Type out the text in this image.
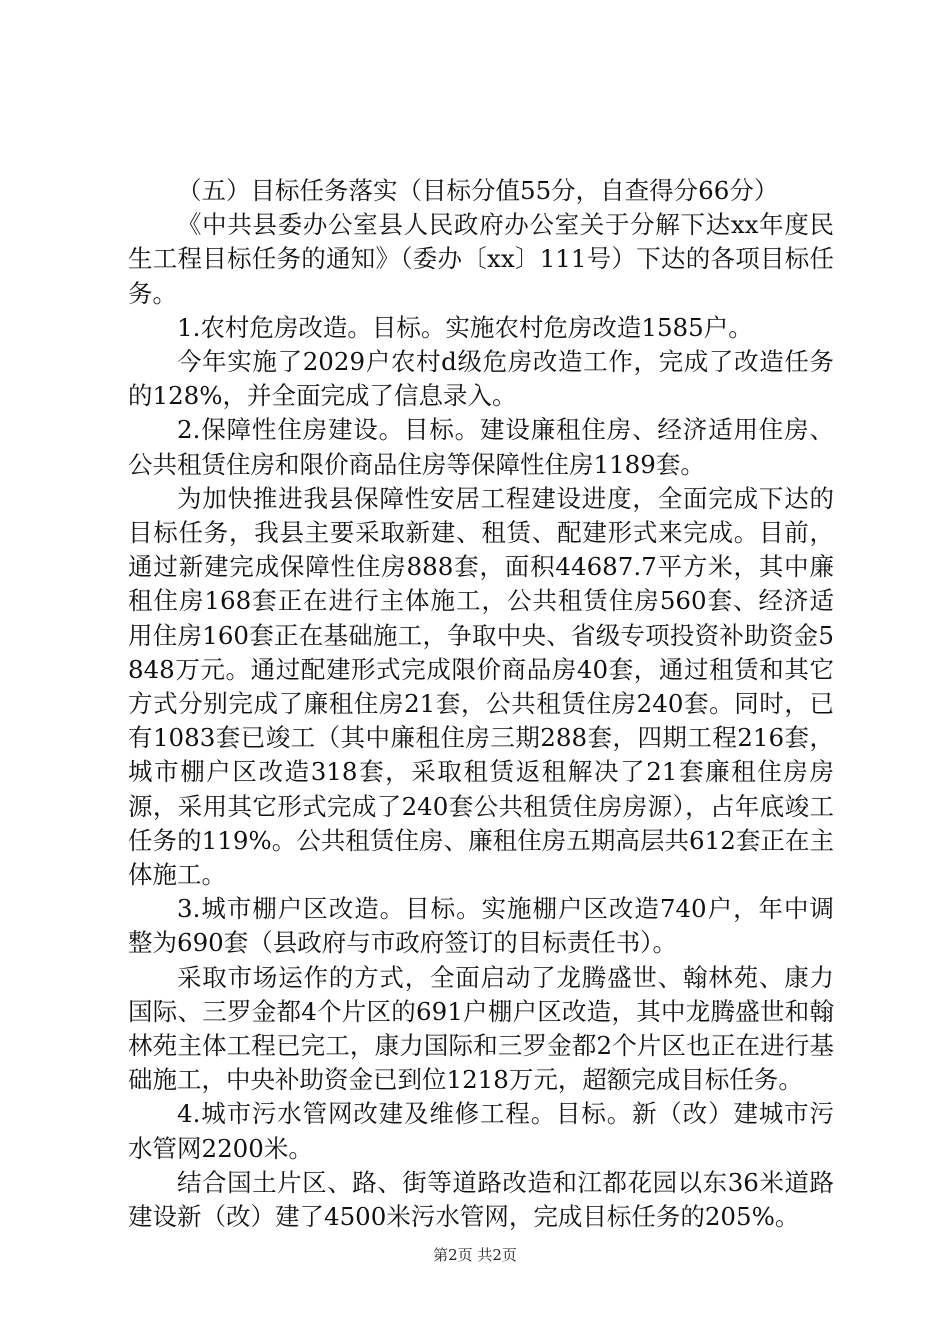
（五）目标任务落实（目标分值55分，自查得分66分）

《中共县委办公室县人民政府办公室关于分解下达xx年度民生工程目标任务的通知》（委办〔xx〕111号）下达的各项目标任务。

1.农村危房改造。目标。实施农村危房改造1585户。

今年实施了2029户农村d级危房改造工作，完成了改造任务的128%，并全面完成了信息录入。

2.保障性住房建设。目标。建设廉租住房、经济适用住房、公共租赁住房和限价商品住房等保障性住房1189套。

为加快推进我县保障性安居工程建设进度，全面完成下达的目标任务，我县主要采取新建、租赁、配建形式来完成。目前，通过新建完成保障性住房888套，面积44687.7平方米，其中廉租住房168套正在进行主体施工，公共租赁住房560套、经济适用住房160套正在基础施工，争取中央、省级专项投资补助资金5848万元。通过配建形式完成限价商品房40套，通过租赁和其它方式分别完成了廉租住房21套，公共租赁住房240套。同时，已有1083套已竣工（其中廉租住房三期288套，四期工程216套，城市棚户区改造318套，采取租赁返租解决了21套廉租住房房源，采用其它形式完成了240套公共租赁住房房源），占年底竣工任务的119%。公共租赁住房、廉租住房五期高层共612套正在主体施工。

3.城市棚户区改造。目标。实施棚户区改造740户，年中调整为690套（县政府与市政府签订的目标责任书）。

采取市场运作的方式，全面启动了龙腾盛世、翰林苑、康力国际、三罗金都4个片区的691户棚户区改造，其中龙腾盛世和翰林苑主体工程已完工，康力国际和三罗金都2个片区也正在进行基础施工，中央补助资金已到位1218万元，超额完成目标任务。

4.城市污水管网改建及维修工程。目标。新（改）建城市污水管网2200米。

结合国土片区、路、街等道路改造和江都花园以东36米道路建设新（改）建了4500米污水管网，完成目标任务的205%。

第2页 共2页
